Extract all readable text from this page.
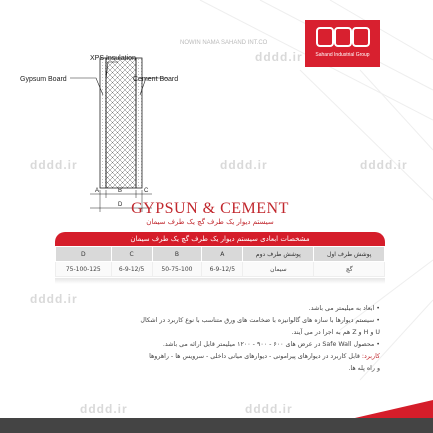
dddd.ir
dddd.ir	dddd.ir	dddd.ir
dddd.ir
dddd.ir	dddd.ir
NOWIN NAMA SAHAND INT.CO
Sahand Industrial Group
XPS Insulation
Gypsum Board	Cement Board
A	B	C
D GYPSUN & CEMENT
سیستم دیوار یک طرف گچ یک طرف سیمان
مشخصات ابعادی سیستم دیوار یک طرف گچ یک طرف سیمان
D	C	B	A	پوشش طرف دوم	پوشش طرف اول
75-100-125	6-9-12/5	50-75-100	6-9-12/5	سیمان	گچ

• ابعاد به میلیمتر می باشد.

• سیستم دیوارها با سازه های گالوانیزه با ضخامت های ورق متناسب با نوع کاربرد در اشکال

U و H و Z هم به اجرا در می آیند.

• محصول Safe Wall در عرض های ۶۰۰ - ۹۰۰ - ۱۲۰۰ میلیمتر قابل ارائه می باشد.

کاربرد: قابل کاربرد در دیوارهای پیرامونی - دیوارهای میانی داخلی - سرویس ها - راهروها

و راه پله ها.
